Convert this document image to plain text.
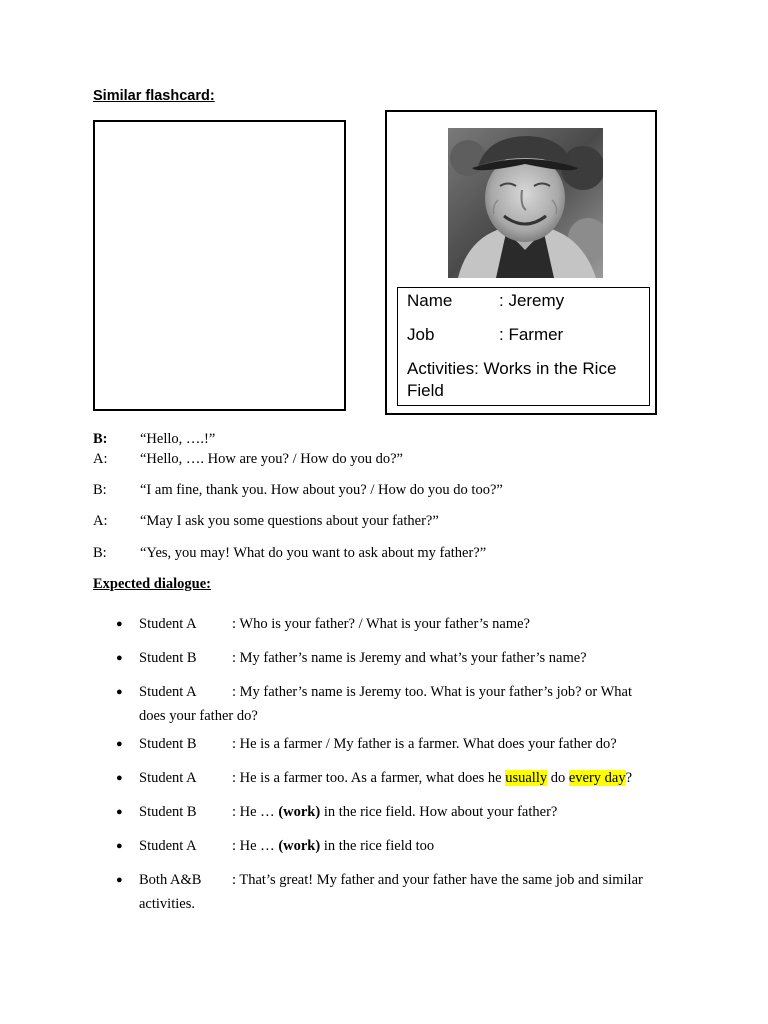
Similar flashcard:
Name	: Jeremy
Job	: Farmer
Activities: Works in the Rice Field
B: “Hello, ….!”
A: “Hello, …. How are you? / How do you do?”
B: “I am fine, thank you. How about you? / How do you do too?”
A: “May I ask you some questions about your father?”
B: “Yes, you may! What do you want to ask about my father?”
Expected dialogue:
● Student A : Who is your father? / What is your father’s name?
● Student B : My father’s name is Jeremy and what’s your father’s name?
● Student A : My father’s name is Jeremy too. What is your father’s job? or What
does your father do?
● Student B : He is a farmer / My father is a farmer. What does your father do?
● Student A : He is a farmer too. As a farmer, what does he usually do every day?
● Student B : He … (work) in the rice field. How about your father?
● Student A : He … (work) in the rice field too
● Both A&B : That’s great! My father and your father have the same job and similar
activities.
